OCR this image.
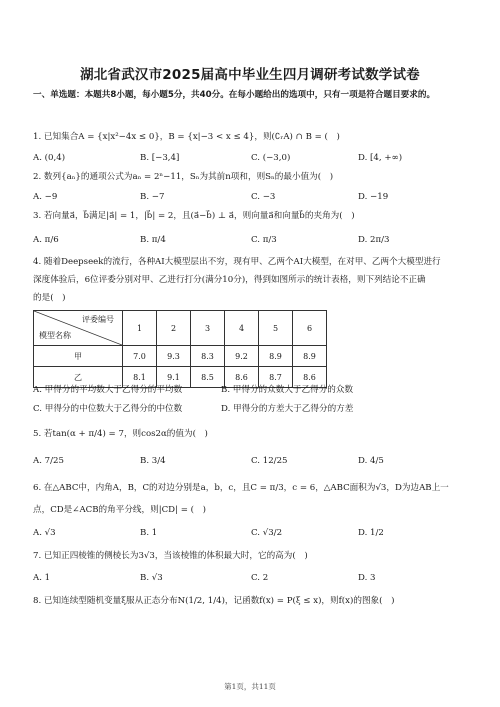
湖北省武汉市2025届高中毕业生四月调研考试数学试卷
一、单选题：本题共8小题，每小题5分，共40分。在每小题给出的选项中，只有一项是符合题目要求的。
1. 已知集合A = {x|x²−4x ≤ 0}，B = {x|−3 < x ≤ 4}，则(∁ᵣA) ∩ B = (　)
A. (0,4)	B. [−3,4]	C. (−3,0)	D. [4, +∞)
2. 数列{aₙ}的通项公式为aₙ = 2ⁿ−11，Sₙ为其前n项和，则Sₙ的最小值为(　)
A. −9	B. −7	C. −3	D. −19
3. 若向量a⃗，b⃗满足|a⃗| = 1，|b⃗| = 2，且(a⃗−b⃗) ⊥ a⃗，则向量a⃗和向量b⃗的夹角为(　)
A. π/6	B. π/4	C. π/3	D. 2π/3
4. 随着Deepseek的流行，各种AI大模型层出不穷，现有甲、乙两个AI大模型，在对甲、乙两个大模型进行
深度体验后，6位评委分别对甲、乙进行打分(满分10分)，得到如图所示的统计表格，则下列结论不正确
的是(　)
评委编号
模型名称	1	2	3	4	5	6
甲	7.0	9.3	8.3	9.2	8.9	8.9
乙	8.1	9.1	8.5	8.6	8.7	8.6
A. 甲得分的平均数大于乙得分的平均数	B. 甲得分的众数大于乙得分的众数
C. 甲得分的中位数大于乙得分的中位数	D. 甲得分的方差大于乙得分的方差
5. 若tan(α + π/4) = 7，则cos2α的值为(　)
A. 7/25	B. 3/4	C. 12/25	D. 4/5
6. 在△ABC中，内角A，B，C的对边分别是a，b，c，且C = π/3，c = 6，△ABC面积为√3，D为边AB上一
点，CD是∠ACB的角平分线，则|CD| = (　)
A. √3	B. 1	C. √3/2	D. 1/2
7. 已知正四棱锥的侧棱长为3√3，当该棱锥的体积最大时，它的高为(　)
A. 1	B. √3	C. 2	D. 3
8. 已知连续型随机变量ξ服从正态分布N(1/2, 1/4)，记函数f(x) = P(ξ ≤ x)，则f(x)的图象(　)
第1页，共11页
